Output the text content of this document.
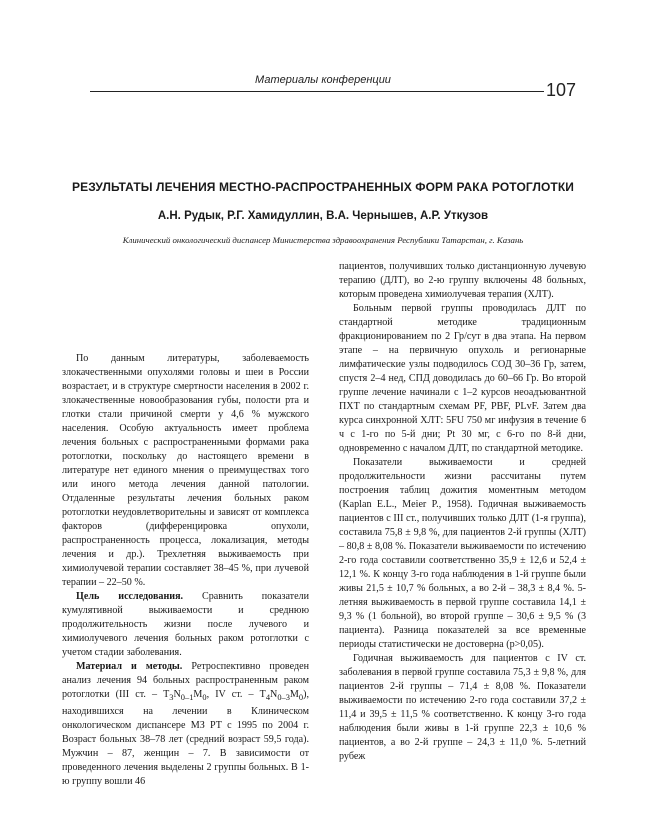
Материалы конференции	107
РЕЗУЛЬТАТЫ ЛЕЧЕНИЯ МЕСТНО-РАСПРОСТРАНЕННЫХ ФОРМ РАКА РОТОГЛОТКИ
А.Н. Рудык, Р.Г. Хамидуллин, В.А. Чернышев, А.Р. Уткузов
Клинический онкологический диспансер Министерства здравоохранения Республики Татарстан, г. Казань

По данным литературы, заболеваемость злокачественными опухолями головы и шеи в России возрастает, и в структуре смертности населения в 2002 г. злокачественные новообразования губы, полости рта и глотки стали причиной смерти у 4,6 % мужского населения. Особую актуальность имеет проблема лечения больных с распространенными формами рака ротоглотки, поскольку до настоящего времени в литературе нет единого мнения о преимуществах того или иного метода лечения данной патологии. Отдаленные результаты лечения больных раком ротоглотки неудовлетворительны и зависят от комплекса факторов (дифференцировка опухоли, распространенность процесса, локализация, методы лечения и др.). Трехлетняя выживаемость при химиолучевой терапии составляет 38–45 %, при лучевой терапии – 22–50 %.

Цель исследования. Сравнить показатели кумулятивной выживаемости и среднюю продолжительность жизни после лучевого и химиолучевого лечения больных раком ротоглотки с учетом стадии заболевания.

Материал и методы. Ретроспективно проведен анализ лечения 94 больных распространенным раком ротоглотки (III ст. – $T_3N_{0-1}M_0$, IV ст. – $T_4N_{0-3}M_0$), находившихся на лечении в Клиническом онкологическом диспансере МЗ РТ с 1995 по 2004 г. Возраст больных 38–78 лет (средний возраст 59,5 года). Мужчин – 87, женщин – 7. В зависимости от проведенного лечения выделены 2 группы больных. В 1-ю группу вошли 46

пациентов, получивших только дистанционную лучевую терапию (ДЛТ), во 2-ю группу включены 48 больных, которым проведена химиолучевая терапия (ХЛТ).

Больным первой группы проводилась ДЛТ по стандартной методике традиционным фракционированием по 2 Гр/сут в два этапа. На первом этапе – на первичную опухоль и регионарные лимфатические узлы подводилось СОД 30–36 Гр, затем, спустя 2–4 нед, СПД доводилась до 60–66 Гр. Во второй группе лечение начинали с 1–2 курсов неоадъювантной ПХТ по стандартным схемам PF, PBF, PLvF. Затем два курса синхронной ХЛТ: 5FU 750 мг инфузия в течение 6 ч с 1-го по 5-й дни; Pt 30 мг, с 6-го по 8-й дни, одновременно с началом ДЛТ, по стандартной методике.

Показатели выживаемости и средней продолжительности жизни рассчитаны путем построения таблиц дожития моментным методом (Kaplan E.L., Meier P., 1958). Годичная выживаемость пациентов с III ст., получивших только ДЛТ (1-я группа), составила 75,8 ± 9,8 %, для пациентов 2-й группы (ХЛТ) – 80,8 ± 8,08 %. Показатели выживаемости по истечению 2-го года составили соответственно 35,9 ± 12,6 и 52,4 ± 12,1 %. К концу 3-го года наблюдения в 1-й группе были живы 21,5 ± 10,7 % больных, а во 2-й – 38,3 ± 8,4 %. 5-летняя выживаемость в первой группе составила 14,1 ± 9,3 % (1 больной), во второй группе – 30,6 ± 9,5 % (3 пациента). Разница показателей за все временные периоды статистически не достоверна (p>0,05).

Годичная выживаемость для пациентов с IV ст. заболевания в первой группе составила 75,3 ± 9,8 %, для пациентов 2-й группы – 71,4 ± 8,08 %. Показатели выживаемости по истечению 2-го года составили 37,2 ± 11,4 и 39,5 ± 11,5 % соответственно. К концу 3-го года наблюдения были живы в 1-й группе 22,3 ± 10,6 % пациентов, а во 2-й группе – 24,3 ± 11,0 %. 5-летний рубеж
